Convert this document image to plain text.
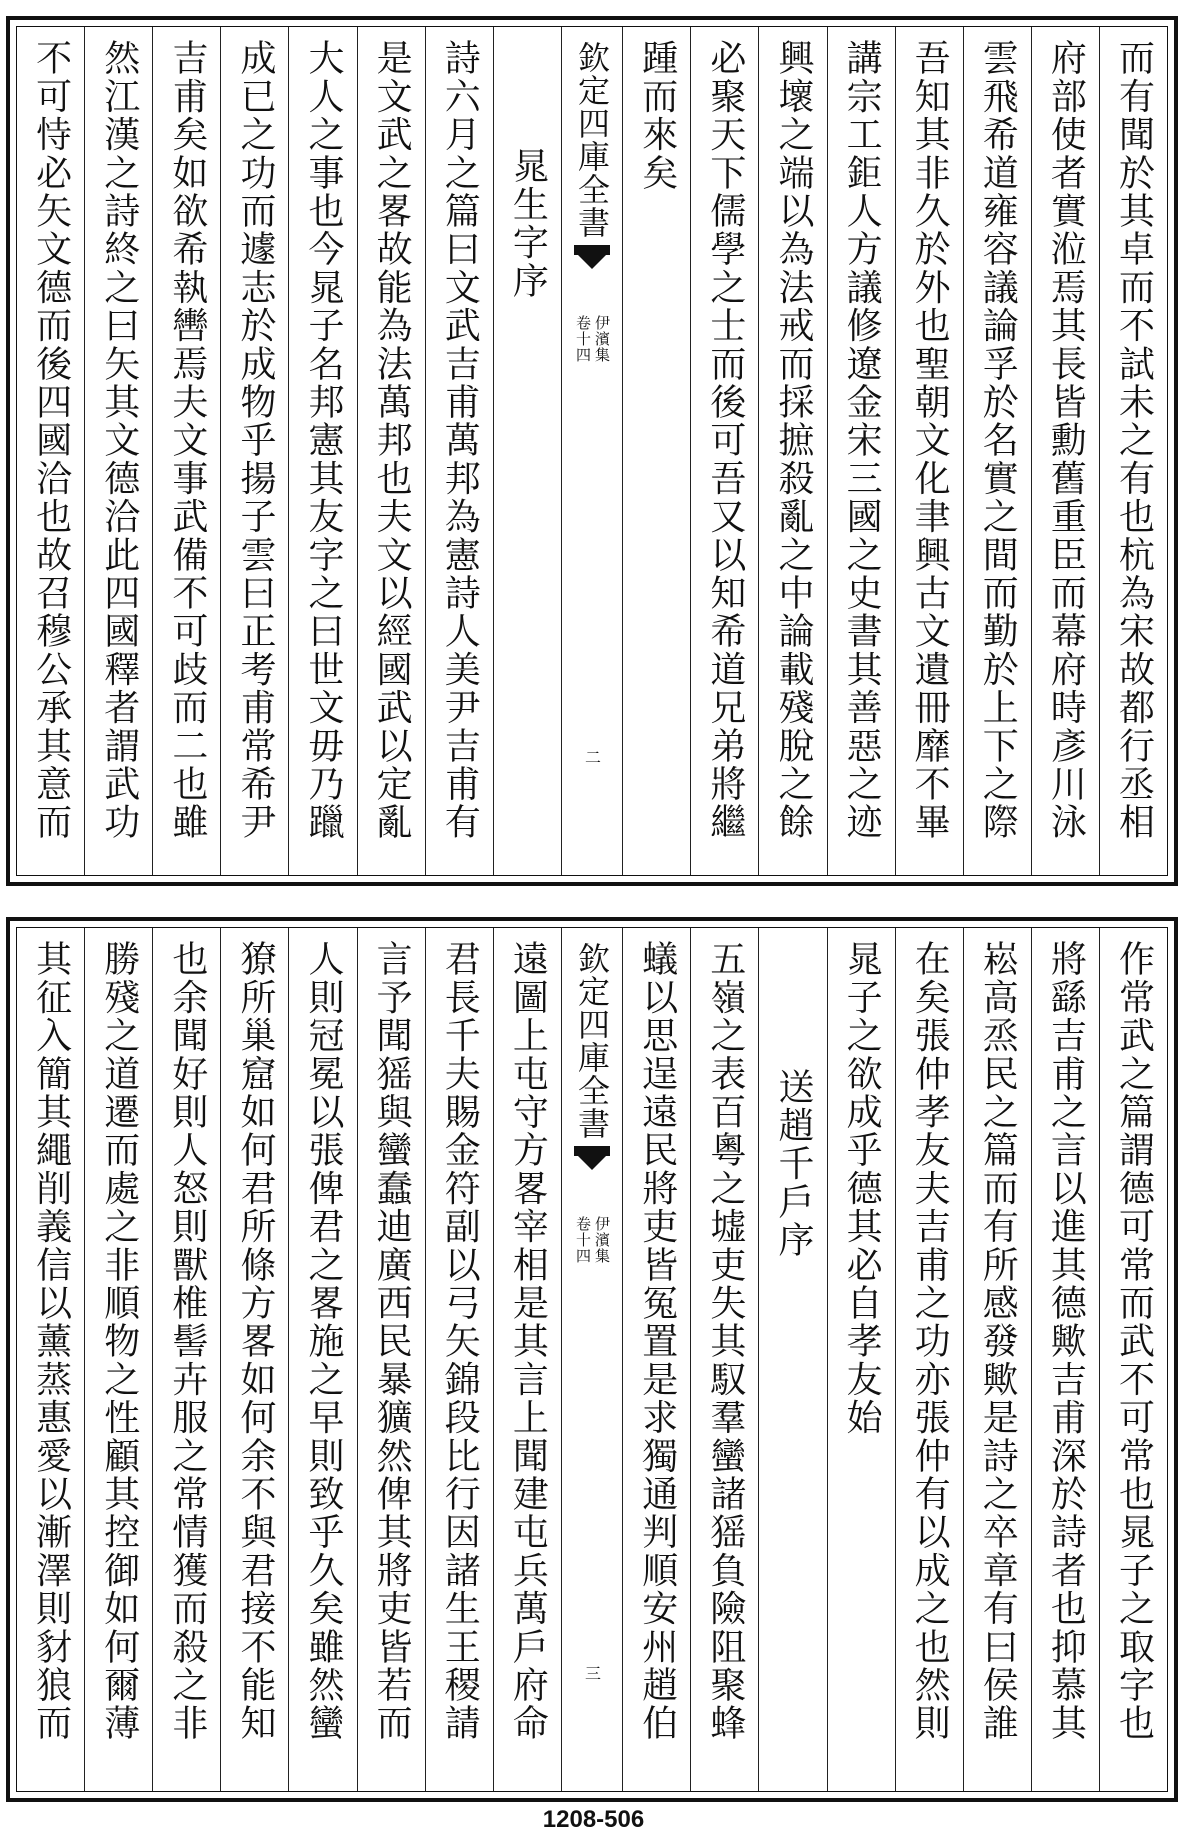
而有聞於其卓而不試未之有也杭為宋故都行丞相
府部使者實涖焉其長皆勳舊重臣而幕府時彥川泳
雲飛希道雍容議論孚於名實之間而勤於上下之際
吾知其非久於外也聖朝文化聿興古文遺冊靡不畢
講宗工鉅人方議修遼金宋三國之史書其善惡之迹
興壞之端以為法戒而採摭殺亂之中論載殘脫之餘
必聚天下儒學之士而後可吾又以知希道兄弟將繼
踵而來矣
欽定四庫全書
伊濱集
卷十四
二
晁生字序
詩六月之篇曰文武吉甫萬邦為憲詩人美尹吉甫有
是文武之畧故能為法萬邦也夫文以經國武以定亂
大人之事也今晁子名邦憲其友字之曰世文毋乃躐
成已之功而遽志於成物乎揚子雲曰正考甫常希尹
吉甫矣如欲希執轡焉夫文事武備不可歧而二也雖
然江漢之詩終之曰矢其文德洽此四國釋者謂武功
不可恃必矢文德而後四國洽也故召穆公承其意而
作常武之篇謂德可常而武不可常也晁子之取字也
將繇吉甫之言以進其德歟吉甫深於詩者也抑慕其
崧高烝民之篇而有所感發歟是詩之卒章有曰侯誰
在矣張仲孝友夫吉甫之功亦張仲有以成之也然則
晁子之欲成乎德其必自孝友始
送趙千戶序
五嶺之表百粵之墟吏失其馭羣蠻諸猺負險阻聚蜂
蟻以思逞遠民將吏皆冤置是求獨通判順安州趙伯
欽定四庫全書
伊濱集
卷十四
三
遠圖上屯守方畧宰相是其言上聞建屯兵萬戶府命
君長千夫賜金符副以弓矢錦段比行因諸生王稷請
言予聞猺與蠻蠢迪廣西民暴獷然俾其將吏皆若而
人則冠冕以張俾君之畧施之早則致乎久矣雖然蠻
獠所巢窟如何君所條方畧如何余不與君接不能知
也余聞好則人怒則獸椎髻卉服之常情獲而殺之非
勝殘之道遷而處之非順物之性顧其控御如何爾薄
其征入簡其繩削義信以薰蒸惠愛以漸澤則豺狼而
1208-506
